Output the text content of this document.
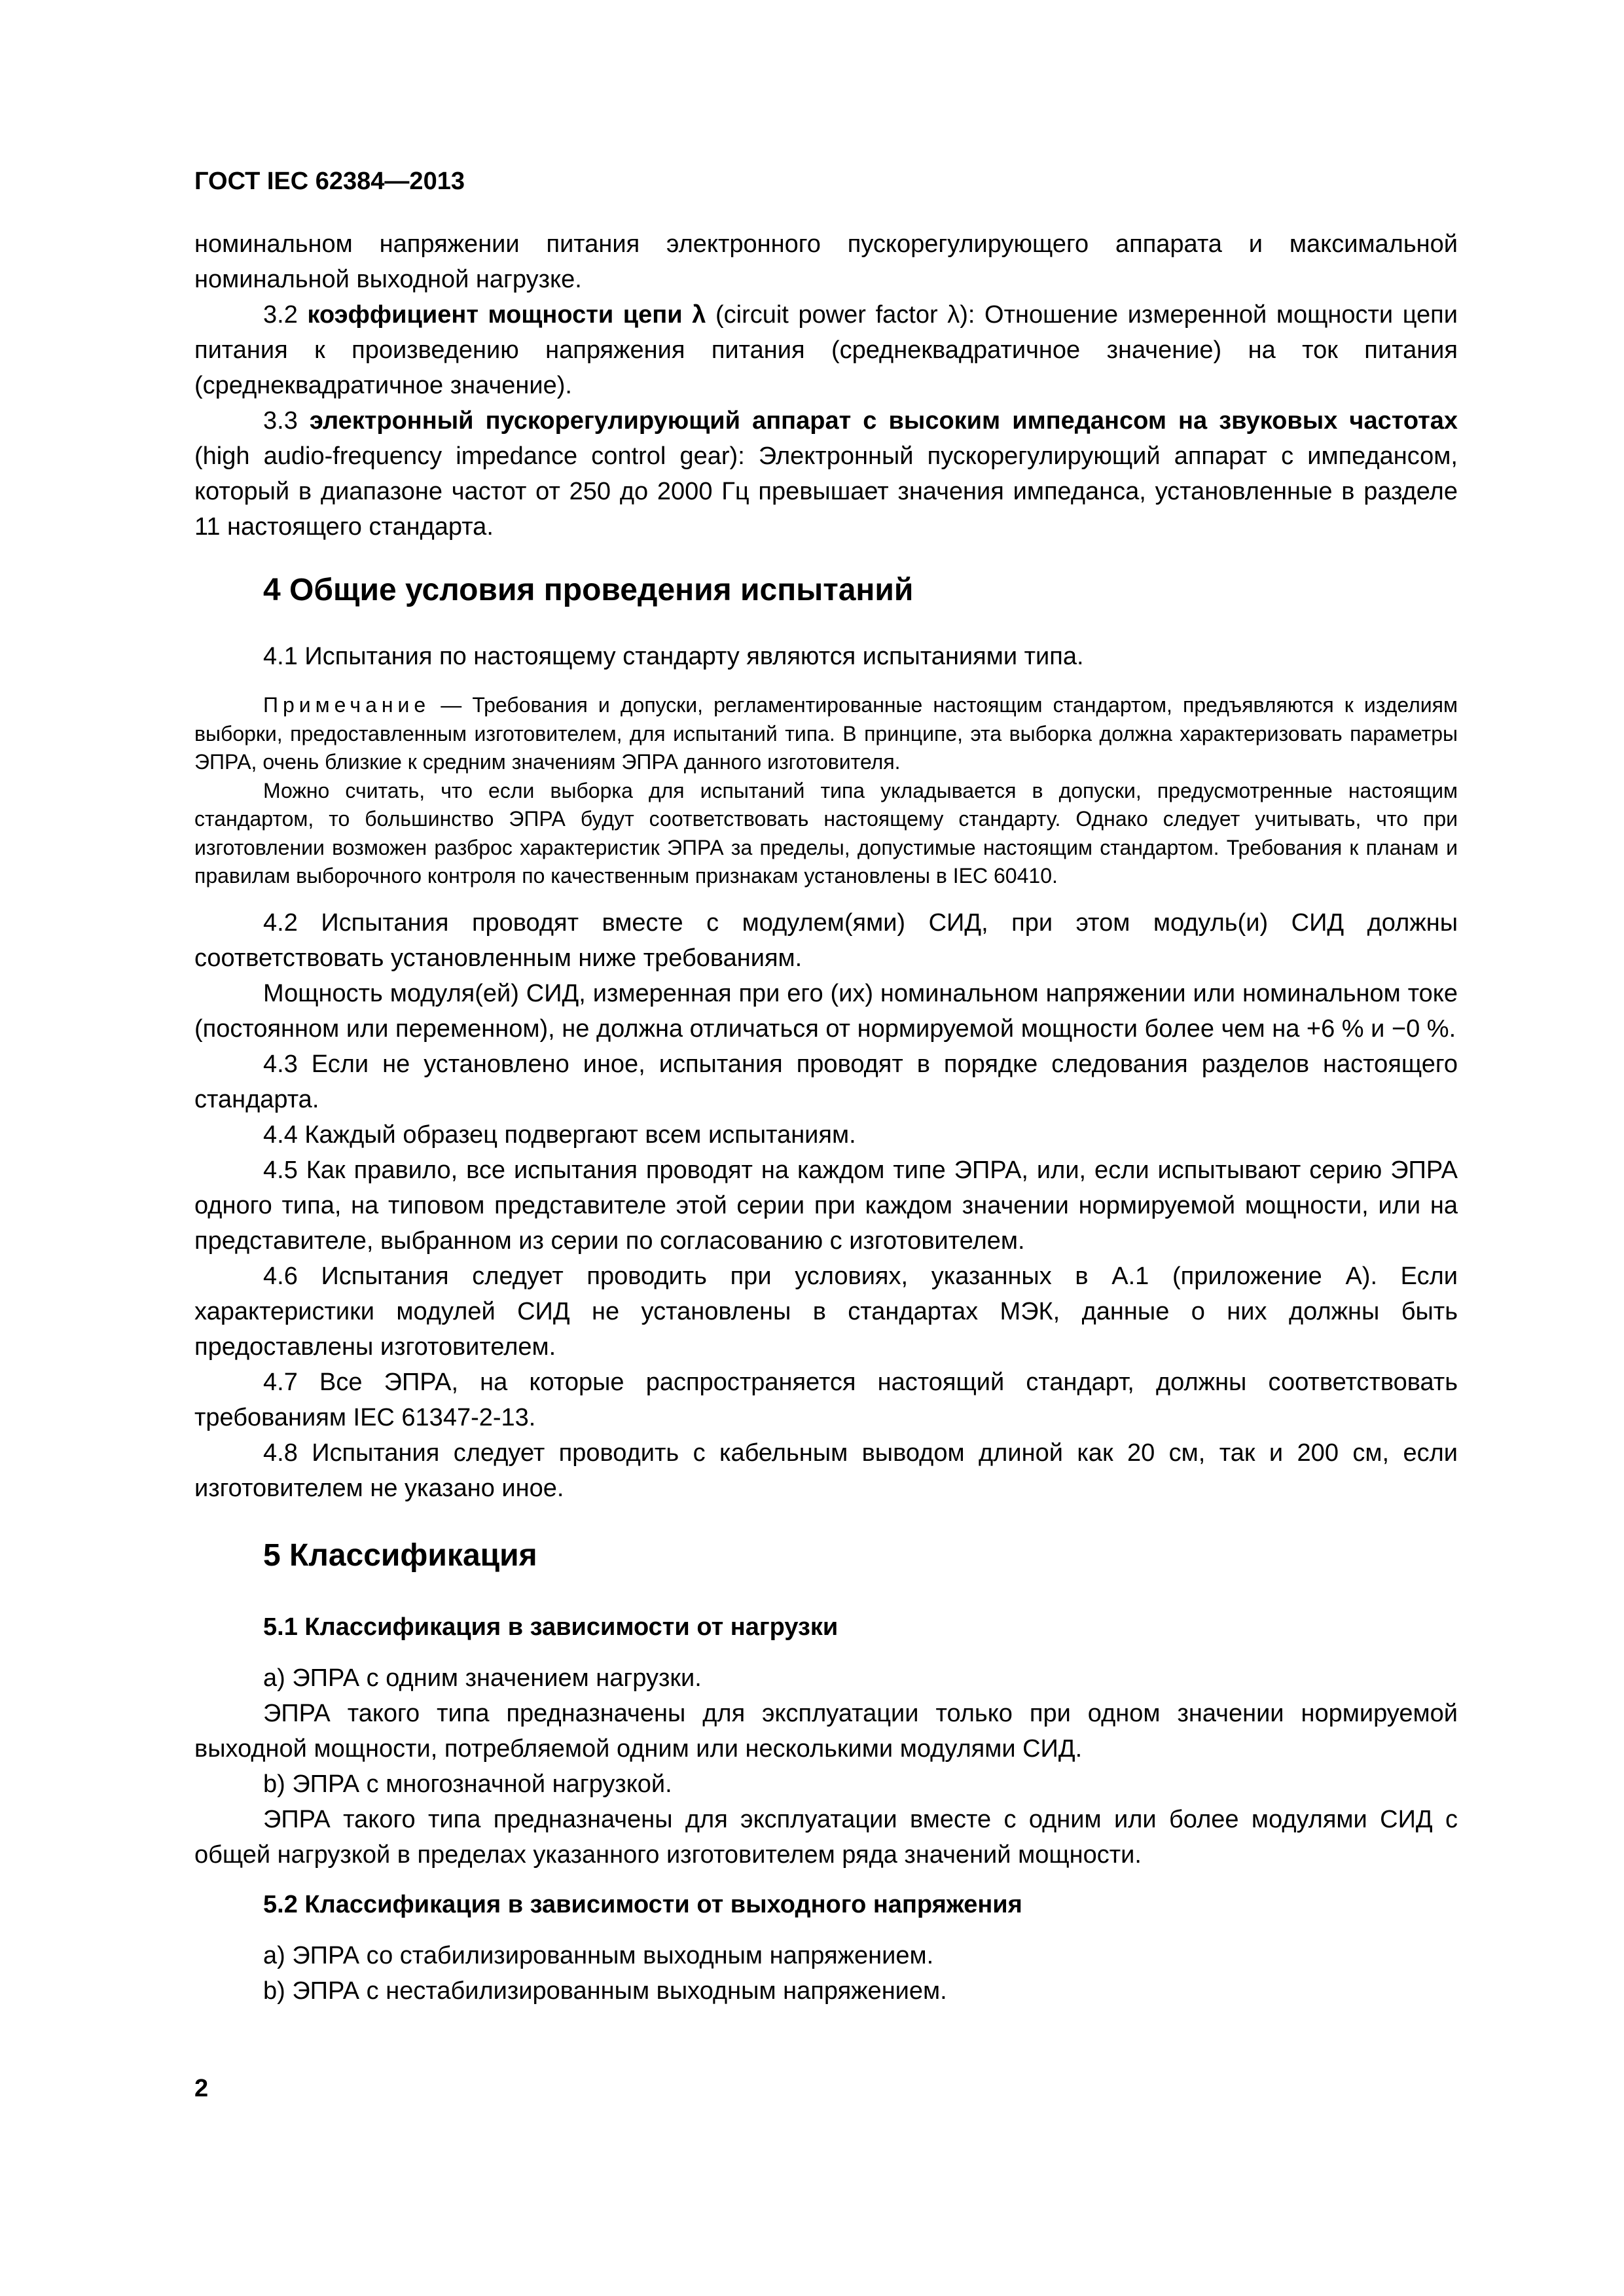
ГОСТ IEC 62384—2013

номинальном напряжении питания электронного пускорегулирующего аппарата и максимальной номинальной выходной нагрузке.

3.2 коэффициент мощности цепи λ (circuit power factor λ): Отношение измеренной мощности цепи питания к произведению напряжения питания (среднеквадратичное значение) на ток питания (среднеквадратичное значение).

3.3 электронный пускорегулирующий аппарат с высоким импедансом на звуковых частотах (high audio-frequency impedance control gear): Электронный пускорегулирующий аппарат с импедансом, который в диапазоне частот от 250 до 2000 Гц превышает значения импеданса, установленные в разделе 11 настоящего стандарта.

4 Общие условия проведения испытаний

4.1 Испытания по настоящему стандарту являются испытаниями типа.

Примечание — Требования и допуски, регламентированные настоящим стандартом, предъявляются к изделиям выборки, предоставленным изготовителем, для испытаний типа. В принципе, эта выборка должна характеризовать параметры ЭПРА, очень близкие к средним значениям ЭПРА данного изготовителя.

Можно считать, что если выборка для испытаний типа укладывается в допуски, предусмотренные настоящим стандартом, то большинство ЭПРА будут соответствовать настоящему стандарту. Однако следует учитывать, что при изготовлении возможен разброс характеристик ЭПРА за пределы, допустимые настоящим стандартом. Требования к планам и правилам выборочного контроля по качественным признакам установлены в IEC 60410.

4.2 Испытания проводят вместе с модулем(ями) СИД, при этом модуль(и) СИД должны соответствовать установленным ниже требованиям.

Мощность модуля(ей) СИД, измеренная при его (их) номинальном напряжении или номинальном токе (постоянном или переменном), не должна отличаться от нормируемой мощности более чем на +6 % и −0 %.

4.3 Если не установлено иное, испытания проводят в порядке следования разделов настоящего стандарта.

4.4 Каждый образец подвергают всем испытаниям.

4.5 Как правило, все испытания проводят на каждом типе ЭПРА, или, если испытывают серию ЭПРА одного типа, на типовом представителе этой серии при каждом значении нормируемой мощности, или на представителе, выбранном из серии по согласованию с изготовителем.

4.6 Испытания следует проводить при условиях, указанных в А.1 (приложение А). Если характеристики модулей СИД не установлены в стандартах МЭК, данные о них должны быть предоставлены изготовителем.

4.7 Все ЭПРА, на которые распространяется настоящий стандарт, должны соответствовать требованиям IEC 61347-2-13.

4.8 Испытания следует проводить с кабельным выводом длиной как 20 см, так и 200 см, если изготовителем не указано иное.

5 Классификация
5.1 Классификация в зависимости от нагрузки

а) ЭПРА с одним значением нагрузки.

ЭПРА такого типа предназначены для эксплуатации только при одном значении нормируемой выходной мощности, потребляемой одним или несколькими модулями СИД.

b) ЭПРА с многозначной нагрузкой.

ЭПРА такого типа предназначены для эксплуатации вместе с одним или более модулями СИД с общей нагрузкой в пределах указанного изготовителем ряда значений мощности.

5.2 Классификация в зависимости от выходного напряжения

а) ЭПРА со стабилизированным выходным напряжением.

b) ЭПРА с нестабилизированным выходным напряжением.

2
